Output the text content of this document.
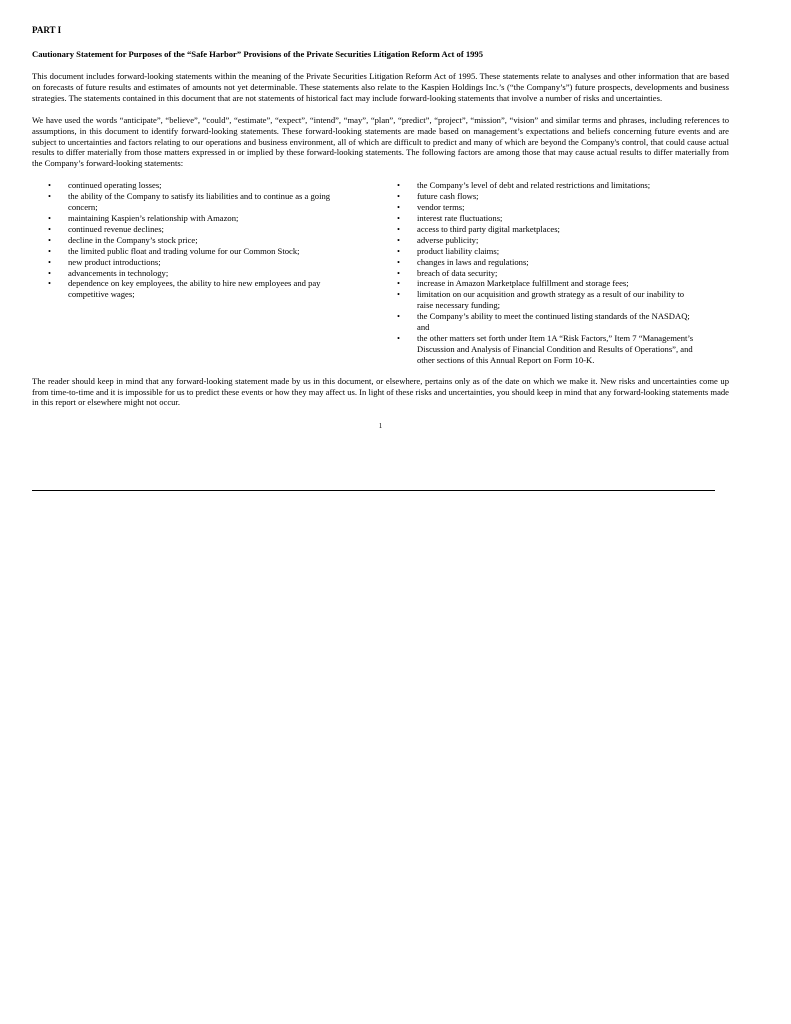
PART I
Cautionary Statement for Purposes of the “Safe Harbor” Provisions of the Private Securities Litigation Reform Act of 1995

This document includes forward-looking statements within the meaning of the Private Securities Litigation Reform Act of 1995. These statements relate to analyses and other information that are based on forecasts of future results and estimates of amounts not yet determinable. These statements also relate to the Kaspien Holdings Inc.’s (“the Company’s”) future prospects, developments and business strategies. The statements contained in this document that are not statements of historical fact may include forward-looking statements that involve a number of risks and uncertainties.

We have used the words “anticipate”, “believe”, “could”, “estimate”, “expect”, “intend”, “may”, “plan”, “predict”, “project”, “mission”, “vision” and similar terms and phrases, including references to assumptions, in this document to identify forward-looking statements. These forward-looking statements are made based on management’s expectations and beliefs concerning future events and are subject to uncertainties and factors relating to our operations and business environment, all of which are difficult to predict and many of which are beyond the Company's control, that could cause actual results to differ materially from those matters expressed in or implied by these forward-looking statements. The following factors are among those that may cause actual results to differ materially from the Company’s forward-looking statements:

• continued operating losses;
• the ability of the Company to satisfy its liabilities and to continue as a going concern;
• maintaining Kaspien’s relationship with Amazon;
• continued revenue declines;
• decline in the Company’s stock price;
• the limited public float and trading volume for our Common Stock;
• new product introductions;
• advancements in technology;
• dependence on key employees, the ability to hire new employees and pay competitive wages;
• the Company’s level of debt and related restrictions and limitations;
• future cash flows;
• vendor terms;
• interest rate fluctuations;
• access to third party digital marketplaces;
• adverse publicity;
• product liability claims;
• changes in laws and regulations;
• breach of data security;
• increase in Amazon Marketplace fulfillment and storage fees;
• limitation on our acquisition and growth strategy as a result of our inability to raise necessary funding;
• the Company’s ability to meet the continued listing standards of the NASDAQ; and
• the other matters set forth under Item 1A “Risk Factors,” Item 7 “Management’s Discussion and Analysis of Financial Condition and Results of Operations”, and other sections of this Annual Report on Form 10-K.

The reader should keep in mind that any forward-looking statement made by us in this document, or elsewhere, pertains only as of the date on which we make it. New risks and uncertainties come up from time-to-time and it is impossible for us to predict these events or how they may affect us. In light of these risks and uncertainties, you should keep in mind that any forward-looking statements made in this report or elsewhere might not occur.

1
